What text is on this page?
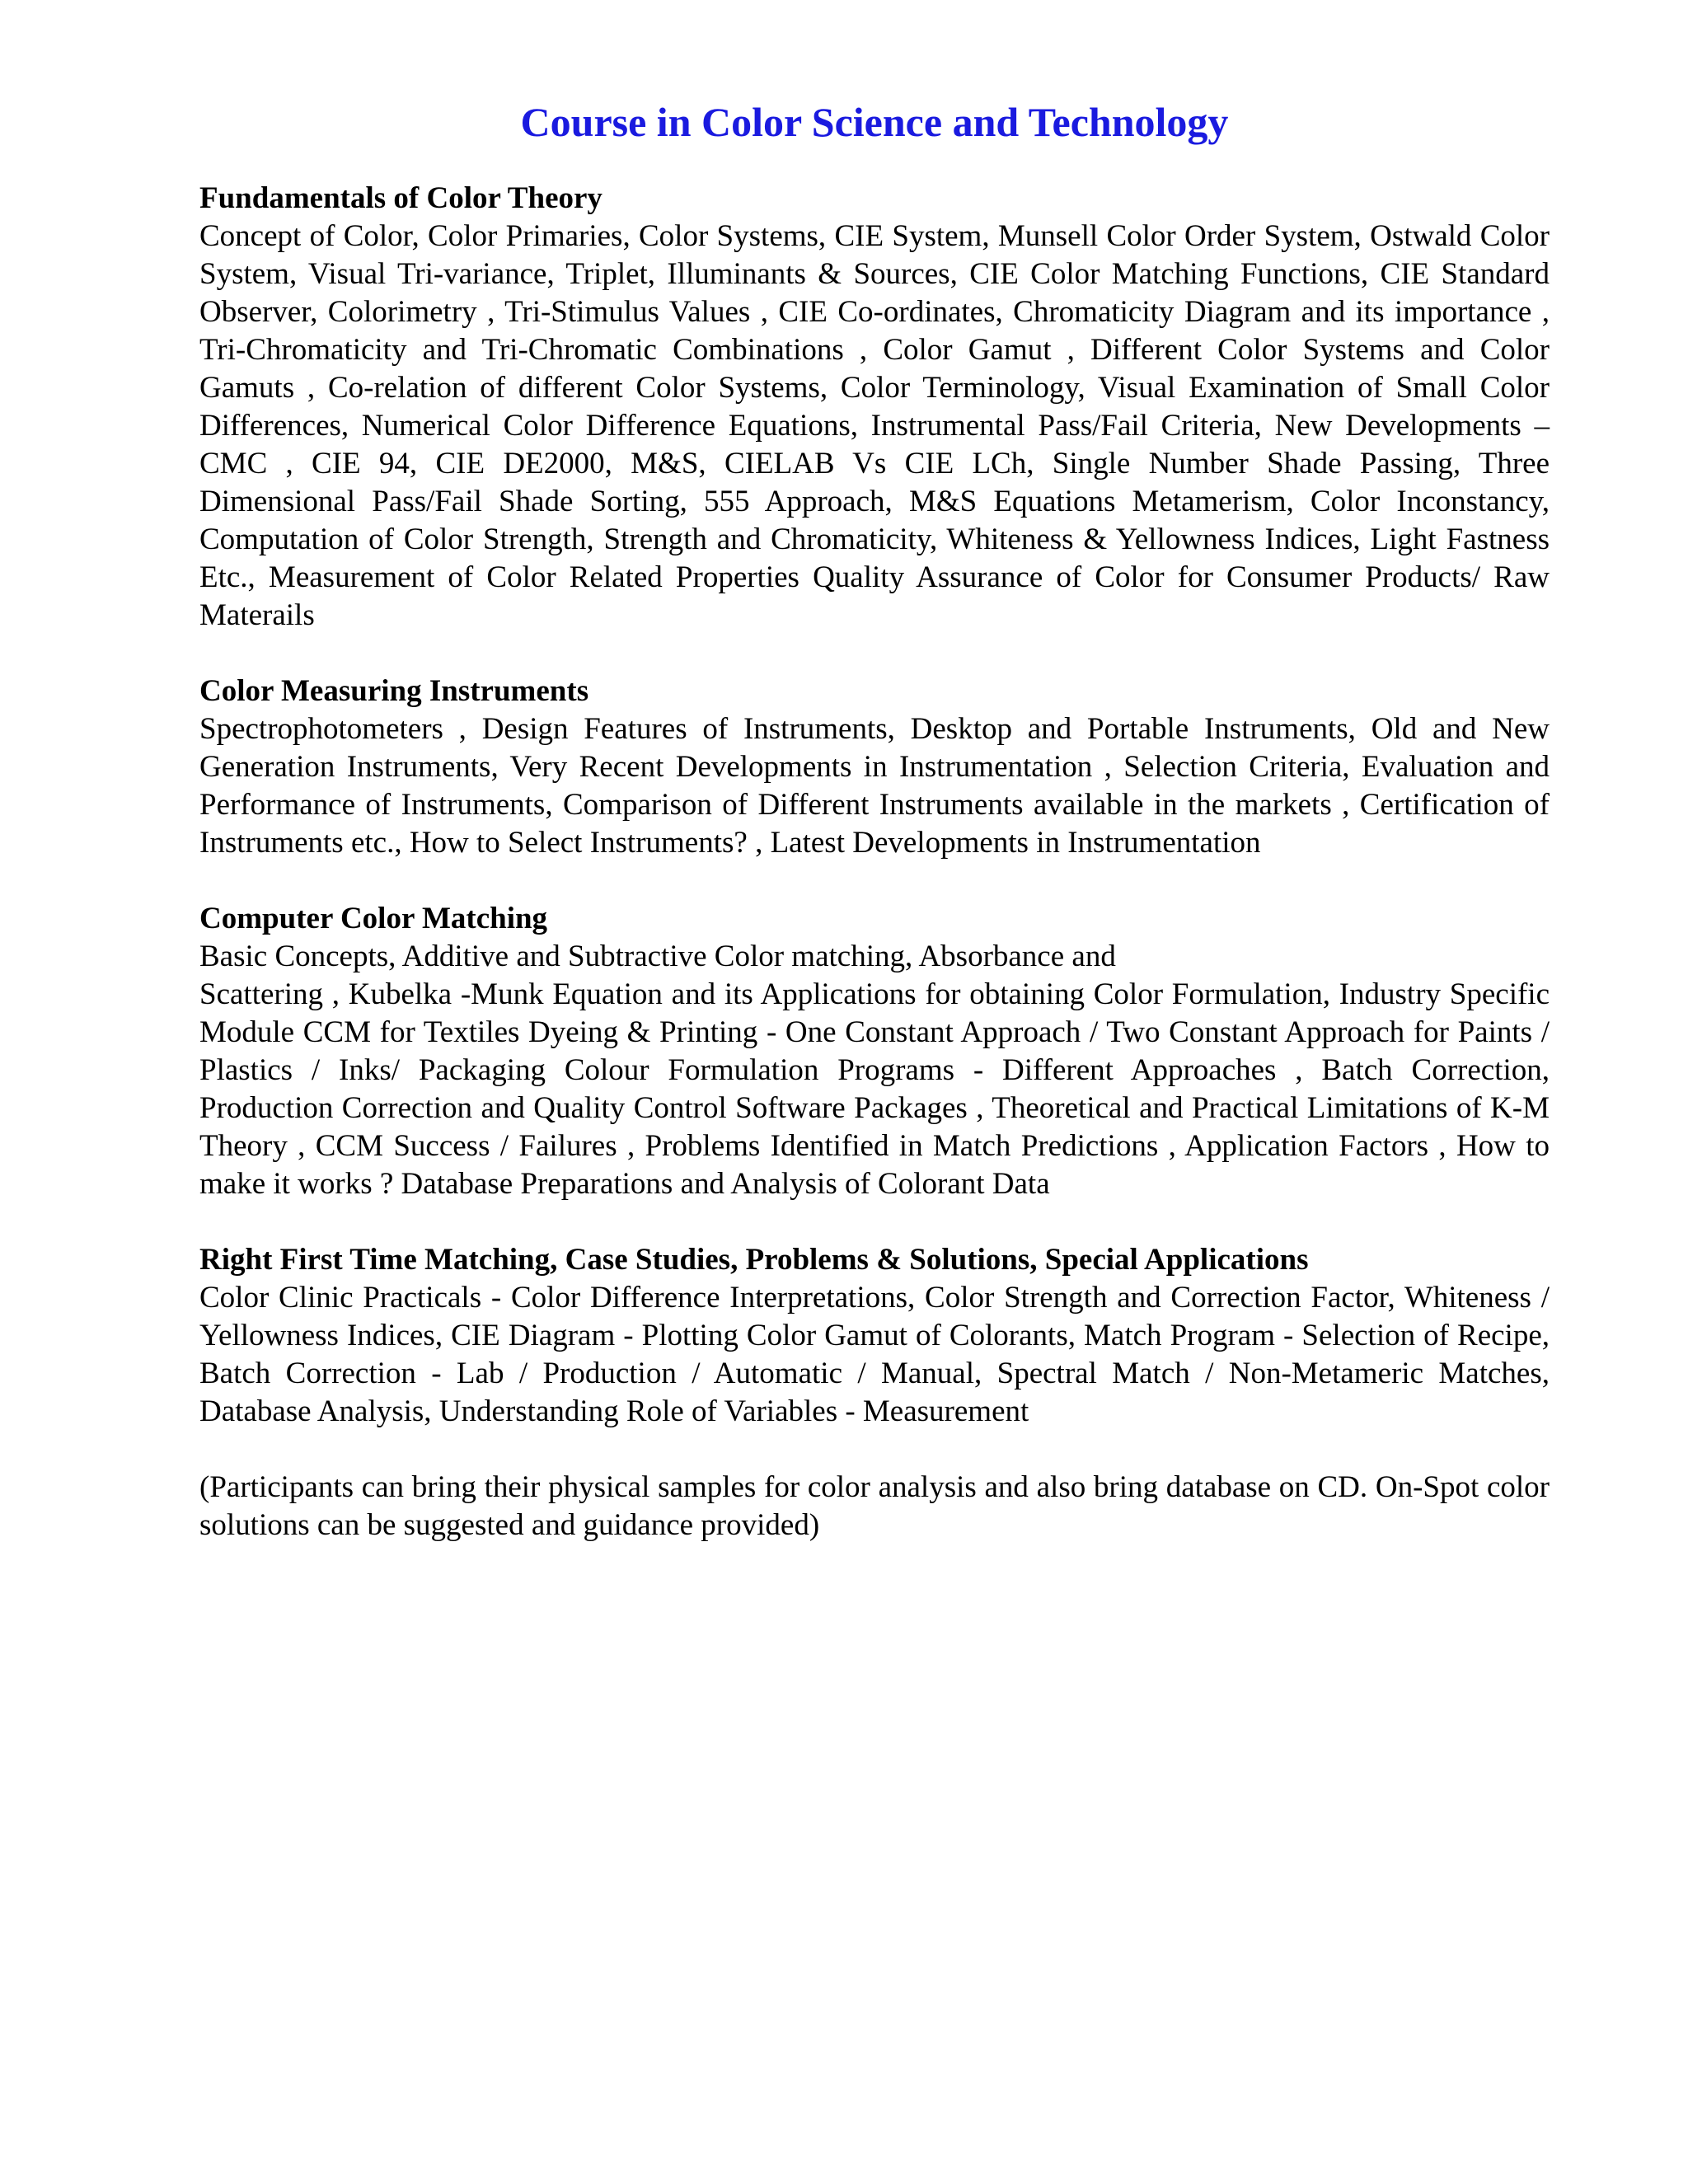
Course in Color Science and Technology

Fundamentals of Color Theory

Concept of Color, Color Primaries, Color Systems, CIE System, Munsell Color Order System, Ostwald Color System, Visual Tri-variance, Triplet, Illuminants & Sources, CIE Color Matching Functions, CIE Standard Observer, Colorimetry , Tri-Stimulus Values , CIE Co-ordinates, Chromaticity Diagram and its importance , Tri-Chromaticity and Tri-Chromatic Combinations , Color Gamut , Different Color Systems and Color Gamuts , Co-relation of different Color Systems, Color Terminology, Visual Examination of Small Color Differences, Numerical Color Difference Equations, Instrumental Pass/Fail Criteria, New Developments – CMC , CIE 94, CIE DE2000, M&S, CIELAB Vs CIE LCh, Single Number Shade Passing, Three Dimensional Pass/Fail Shade Sorting, 555 Approach, M&S Equations Metamerism, Color Inconstancy, Computation of Color Strength, Strength and Chromaticity, Whiteness & Yellowness Indices, Light Fastness Etc., Measurement of Color Related Properties Quality Assurance of Color for Consumer Products/ Raw Materails

Color Measuring Instruments

Spectrophotometers , Design Features of Instruments, Desktop and Portable Instruments, Old and New Generation Instruments, Very Recent Developments in Instrumentation , Selection Criteria, Evaluation and Performance of Instruments, Comparison of Different Instruments available in the markets , Certification of Instruments etc., How to Select Instruments? , Latest Developments in Instrumentation

Computer Color Matching

Basic Concepts, Additive and Subtractive Color matching, Absorbance and

Scattering , Kubelka -Munk Equation and its Applications for obtaining Color Formulation, Industry Specific Module CCM for Textiles Dyeing & Printing - One Constant Approach / Two Constant Approach for Paints / Plastics / Inks/ Packaging Colour Formulation Programs - Different Approaches , Batch Correction, Production Correction and Quality Control Software Packages , Theoretical and Practical Limitations of K-M Theory , CCM Success / Failures , Problems Identified in Match Predictions , Application Factors , How to make it works ? Database Preparations and Analysis of Colorant Data

Right First Time Matching, Case Studies, Problems & Solutions, Special Applications

Color Clinic Practicals - Color Difference Interpretations, Color Strength and Correction Factor, Whiteness / Yellowness Indices, CIE Diagram - Plotting Color Gamut of Colorants, Match Program - Selection of Recipe, Batch Correction - Lab / Production / Automatic / Manual, Spectral Match / Non-Metameric Matches, Database Analysis, Understanding Role of Variables - Measurement

(Participants can bring their physical samples for color analysis and also bring database on CD. On-Spot color solutions can be suggested and guidance provided)
